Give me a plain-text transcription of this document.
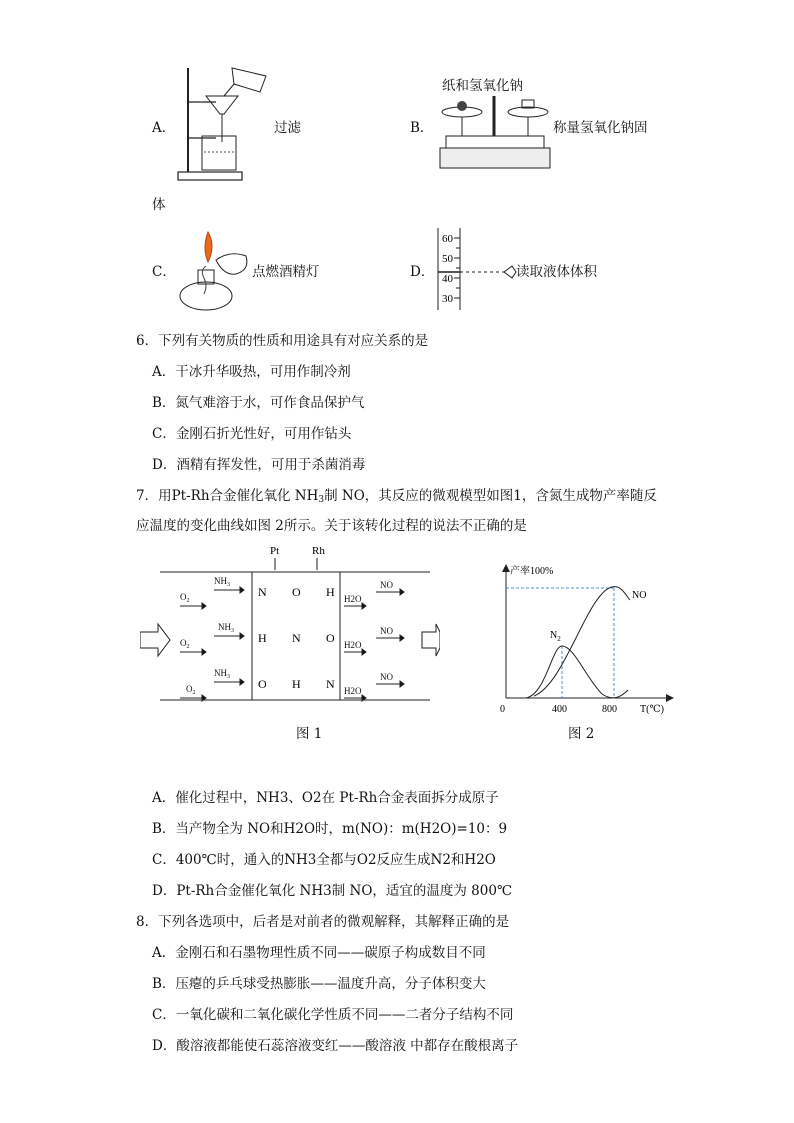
A．	过滤	B．
纸和氢氧化钠
称量氢氧化钠固
体
C．	点燃酒精灯	D．
60
50
40
30
读取液体体积
6．下列有关物质的性质和用途具有对应关系的是
A．干冰升华吸热，可用作制冷剂
B．氮气难溶于水，可作食品保护气
C．金刚石折光性好，可用作钻头
D．酒精有挥发性，可用于杀菌消毒
7．用Pt-Rh合金催化氧化 $NH_3$制 NO，其反应的微观模型如图1，含氮生成物产率随反
应温度的变化曲线如图 2所示。关于该转化过程的说法不正确的是
Pt	Rh
N O H
H N O
O H N
$NH_3$
$O_2$
NO
H2O
$NH_3$
$O_2$
NO
H2O
$NH_3$
$O_2$
NO
H2O
图 1
产率100%
T(℃)
0	400	800
$N_2$
NO
图 2
A．催化过程中，NH3、O2在 Pt-Rh合金表面拆分成原子
B．当产物全为 NO和H2O时，m(NO)：m(H2O)=10：9
C．400℃时，通入的NH3全都与O2反应生成N2和H2O
D．Pt-Rh合金催化氧化 NH3制 NO，适宜的温度为 800℃
8．下列各选项中，后者是对前者的微观解释，其解释正确的是
A．金刚石和石墨物理性质不同——碳原子构成数目不同
B．压瘪的乒乓球受热膨胀——温度升高，分子体积变大
C．一氧化碳和二氧化碳化学性质不同——二者分子结构不同
D．酸溶液都能使石蕊溶液变红——酸溶液 中都存在酸根离子
